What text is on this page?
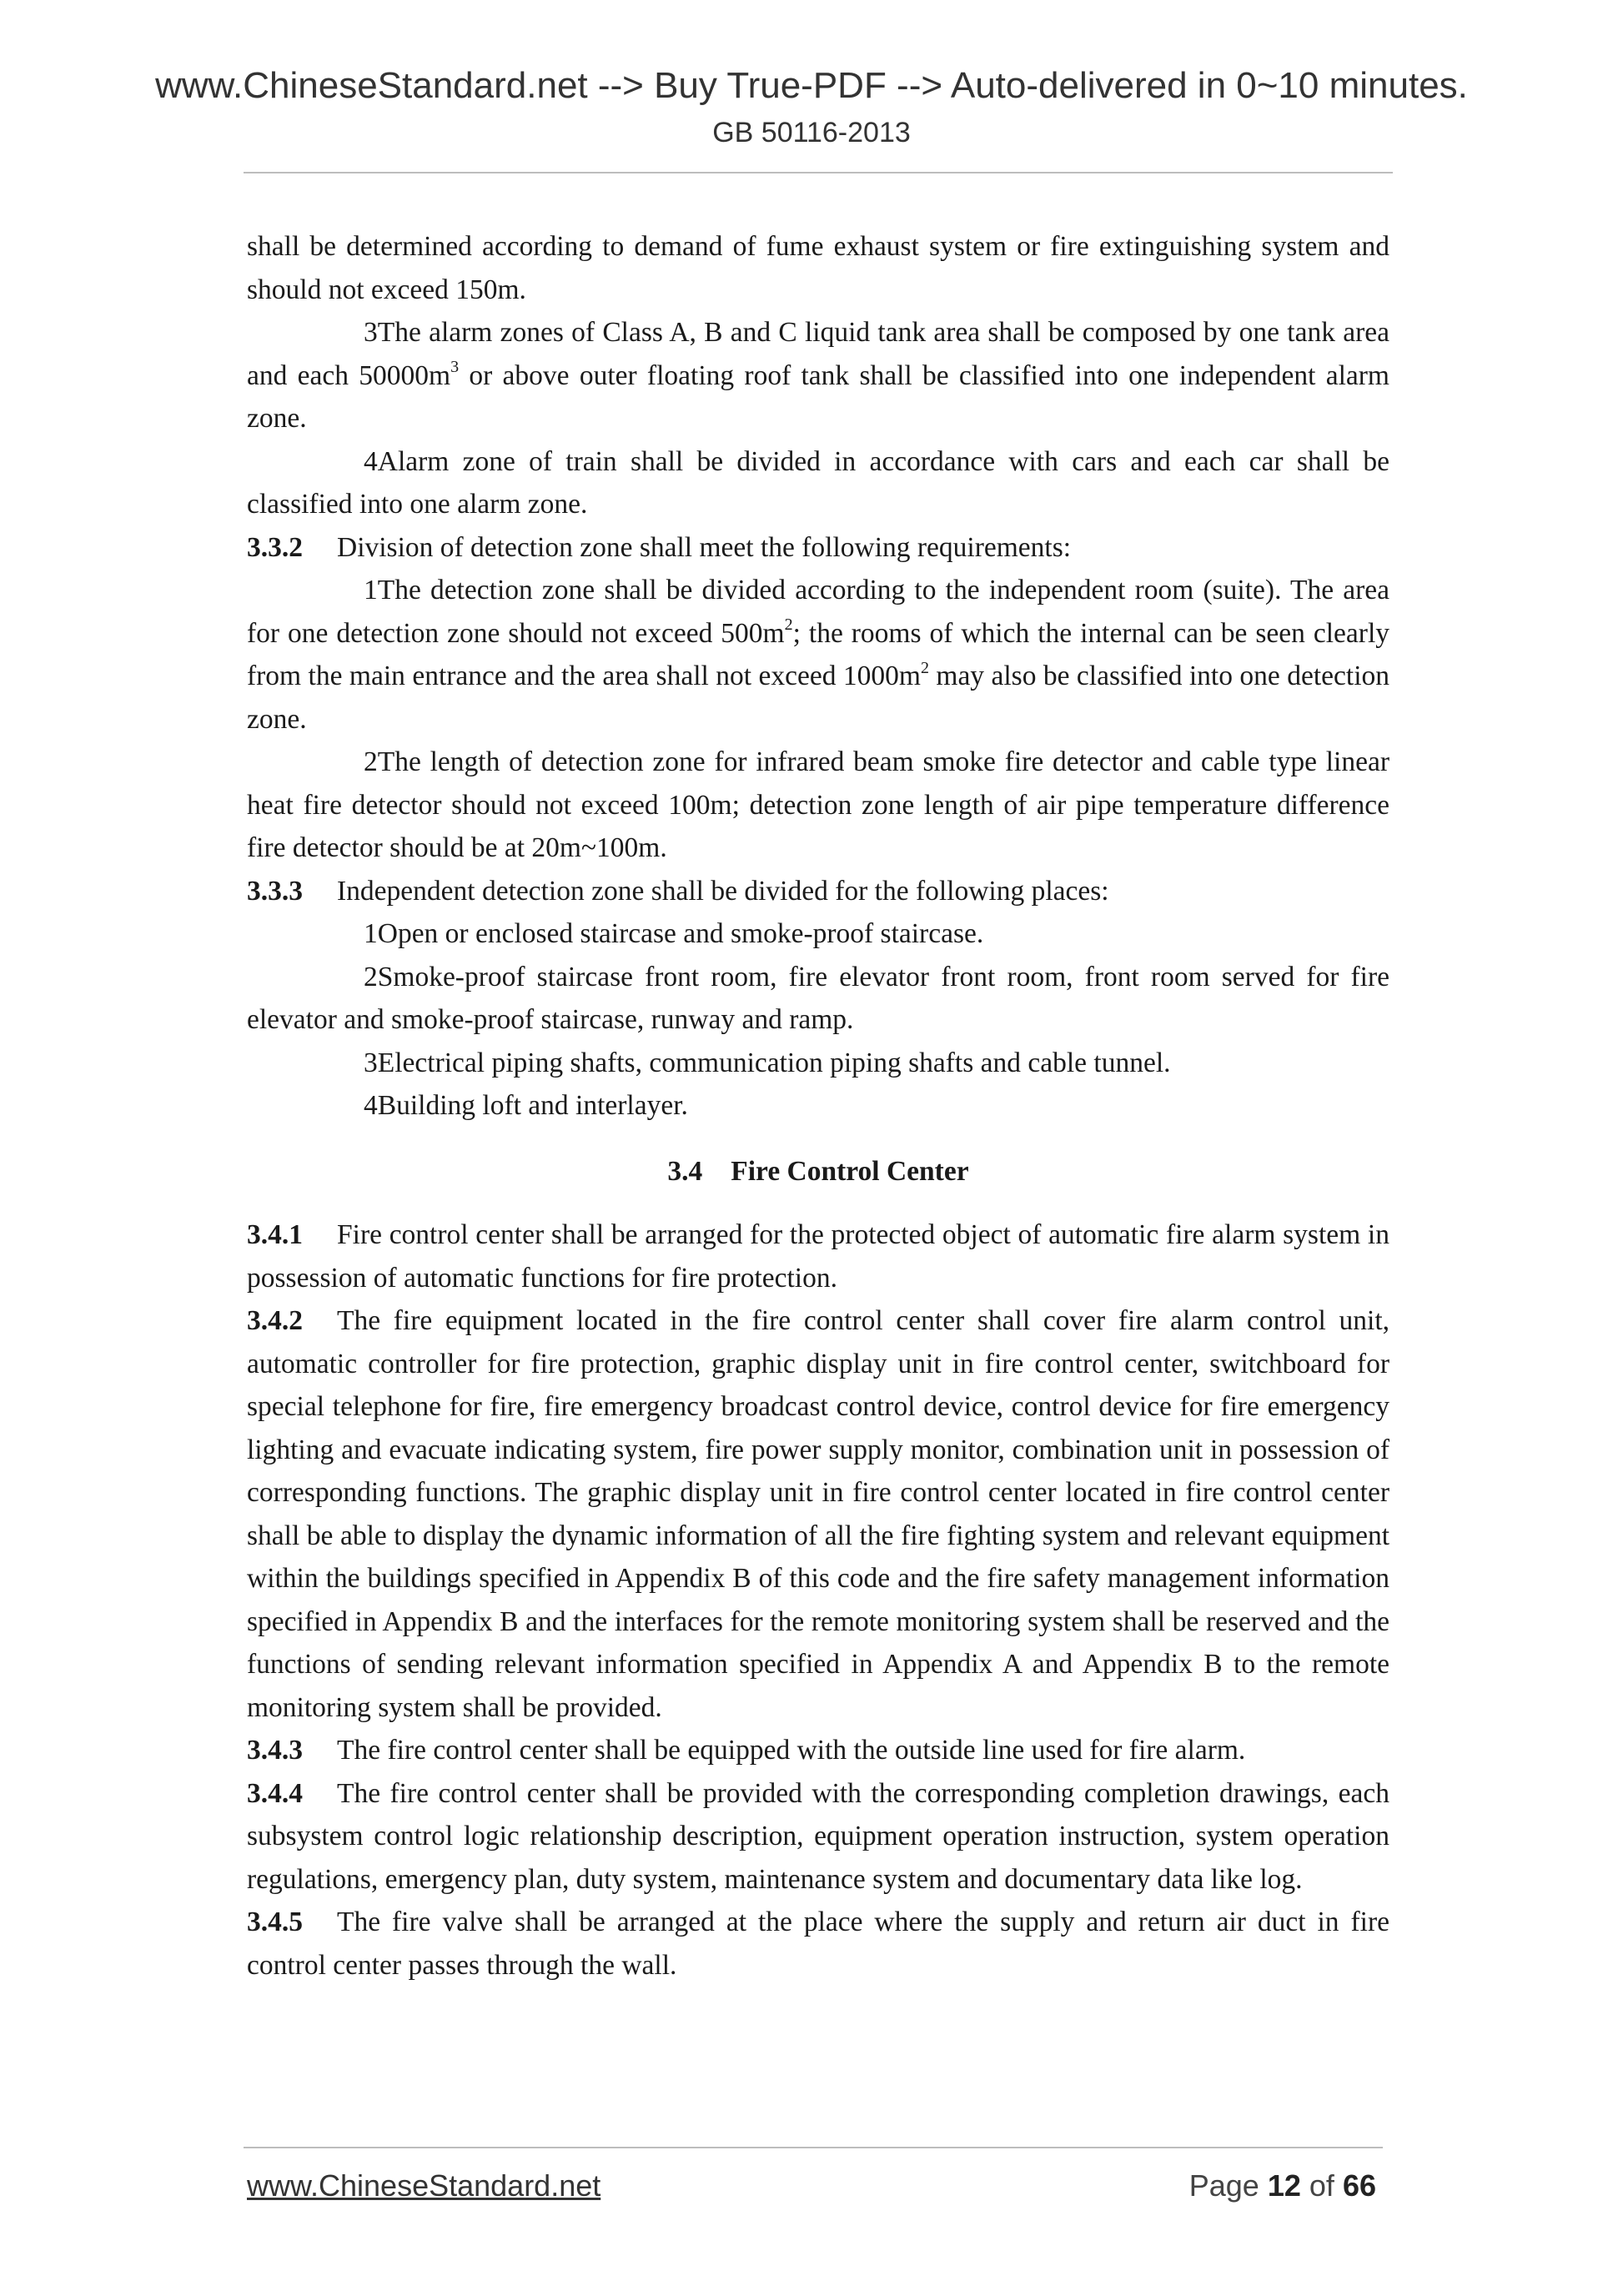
www.ChineseStandard.net --> Buy True-PDF --> Auto-delivered in 0~10 minutes.
GB 50116-2013

shall be determined according to demand of fume exhaust system or fire extinguishing system and should not exceed 150m.

3The alarm zones of Class A, B and C liquid tank area shall be composed by one tank area and each $50000m^3$ or above outer floating roof tank shall be classified into one independent alarm zone.

4Alarm zone of train shall be divided in accordance with cars and each car shall be classified into one alarm zone.

3.3.2 Division of detection zone shall meet the following requirements:

1The detection zone shall be divided according to the independent room (suite). The area for one detection zone should not exceed $500m^2$; the rooms of which the internal can be seen clearly from the main entrance and the area shall not exceed $1000m^2$ may also be classified into one detection zone.

2The length of detection zone for infrared beam smoke fire detector and cable type linear heat fire detector should not exceed 100m; detection zone length of air pipe temperature difference fire detector should be at 20m~100m.

3.3.3 Independent detection zone shall be divided for the following places:

1Open or enclosed staircase and smoke-proof staircase.

2Smoke-proof staircase front room, fire elevator front room, front room served for fire elevator and smoke-proof staircase, runway and ramp.

3Electrical piping shafts, communication piping shafts and cable tunnel.

4Building loft and interlayer.

3.4 Fire Control Center

3.4.1 Fire control center shall be arranged for the protected object of automatic fire alarm system in possession of automatic functions for fire protection.

3.4.2 The fire equipment located in the fire control center shall cover fire alarm control unit, automatic controller for fire protection, graphic display unit in fire control center, switchboard for special telephone for fire, fire emergency broadcast control device, control device for fire emergency lighting and evacuate indicating system, fire power supply monitor, combination unit in possession of corresponding functions. The graphic display unit in fire control center located in fire control center shall be able to display the dynamic information of all the fire fighting system and relevant equipment within the buildings specified in Appendix B of this code and the fire safety management information specified in Appendix B and the interfaces for the remote monitoring system shall be reserved and the functions of sending relevant information specified in Appendix A and Appendix B to the remote monitoring system shall be provided.

3.4.3 The fire control center shall be equipped with the outside line used for fire alarm.

3.4.4 The fire control center shall be provided with the corresponding completion drawings, each subsystem control logic relationship description, equipment operation instruction, system operation regulations, emergency plan, duty system, maintenance system and documentary data like log.

3.4.5 The fire valve shall be arranged at the place where the supply and return air duct in fire control center passes through the wall.

www.ChineseStandard.net	Page 12 of 66
